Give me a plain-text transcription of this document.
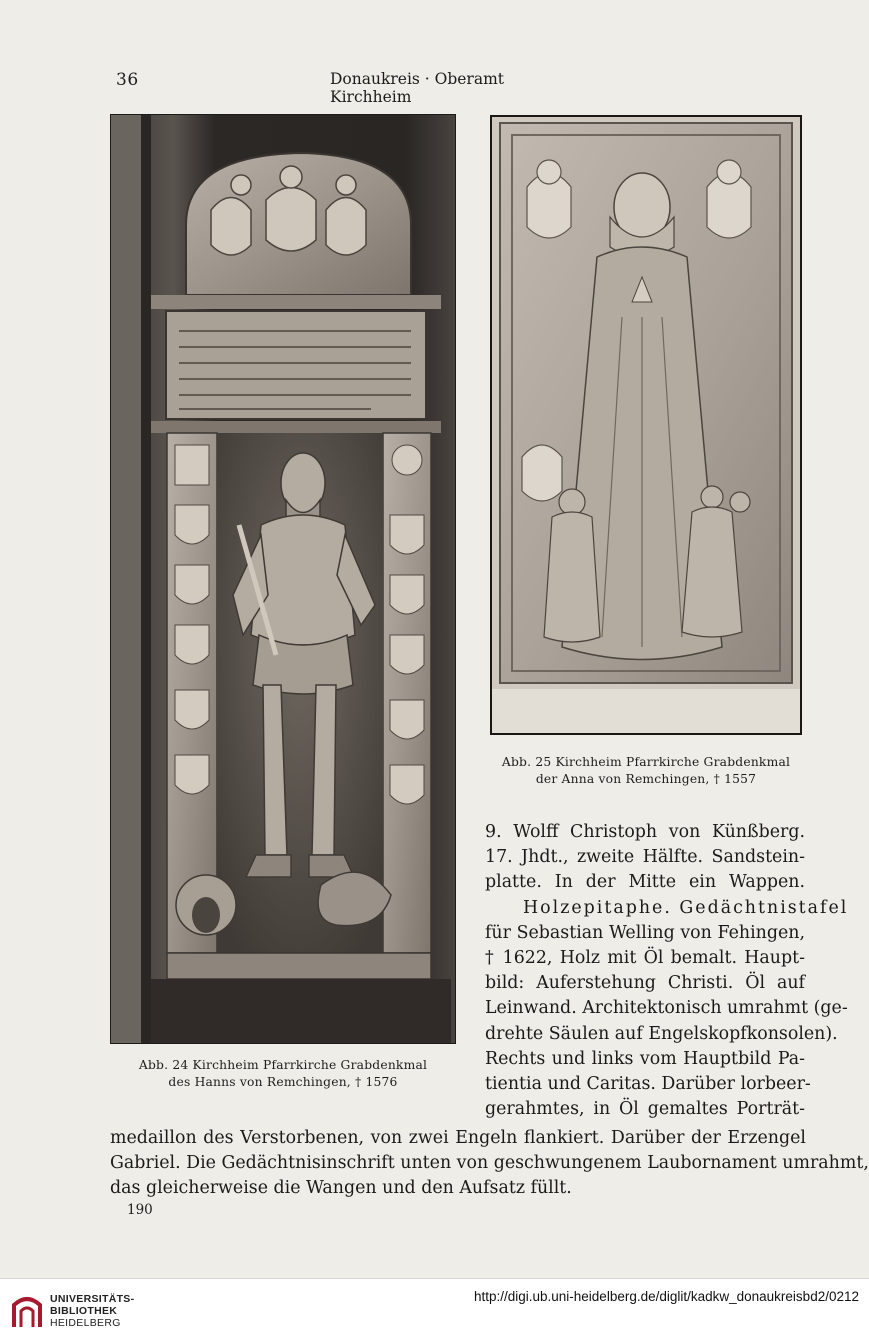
36	Donaukreis · Oberamt Kirchheim
Abb. 24 Kirchheim Pfarrkirche Grabdenkmal
des Hanns von Remchingen, † 1576
Abb. 25 Kirchheim Pfarrkirche Grabdenkmal
der Anna von Remchingen, † 1557
9. Wolff Christoph von Künßberg.
17. Jhdt., zweite Hälfte. Sandstein-
platte. In der Mitte ein Wappen.
Holzepitaphe. Gedächtnistafel
für Sebastian Welling von Fehingen,
† 1622, Holz mit Öl bemalt. Haupt-
bild: Auferstehung Christi. Öl auf
Leinwand. Architektonisch umrahmt (ge-
drehte Säulen auf Engelskopfkonsolen).
Rechts und links vom Hauptbild Pa-
tientia und Caritas. Darüber lorbeer-
gerahmtes, in Öl gemaltes Porträt-
medaillon des Verstorbenen, von zwei Engeln flankiert. Darüber der Erzengel
Gabriel. Die Gedächtnisinschrift unten von geschwungenem Laubornament umrahmt,
das gleicherweise die Wangen und den Aufsatz füllt.
190
UNIVERSITÄTS-
BIBLIOTHEK
HEIDELBERG
http://digi.ub.uni-heidelberg.de/diglit/kadkw_donaukreisbd2/0212
